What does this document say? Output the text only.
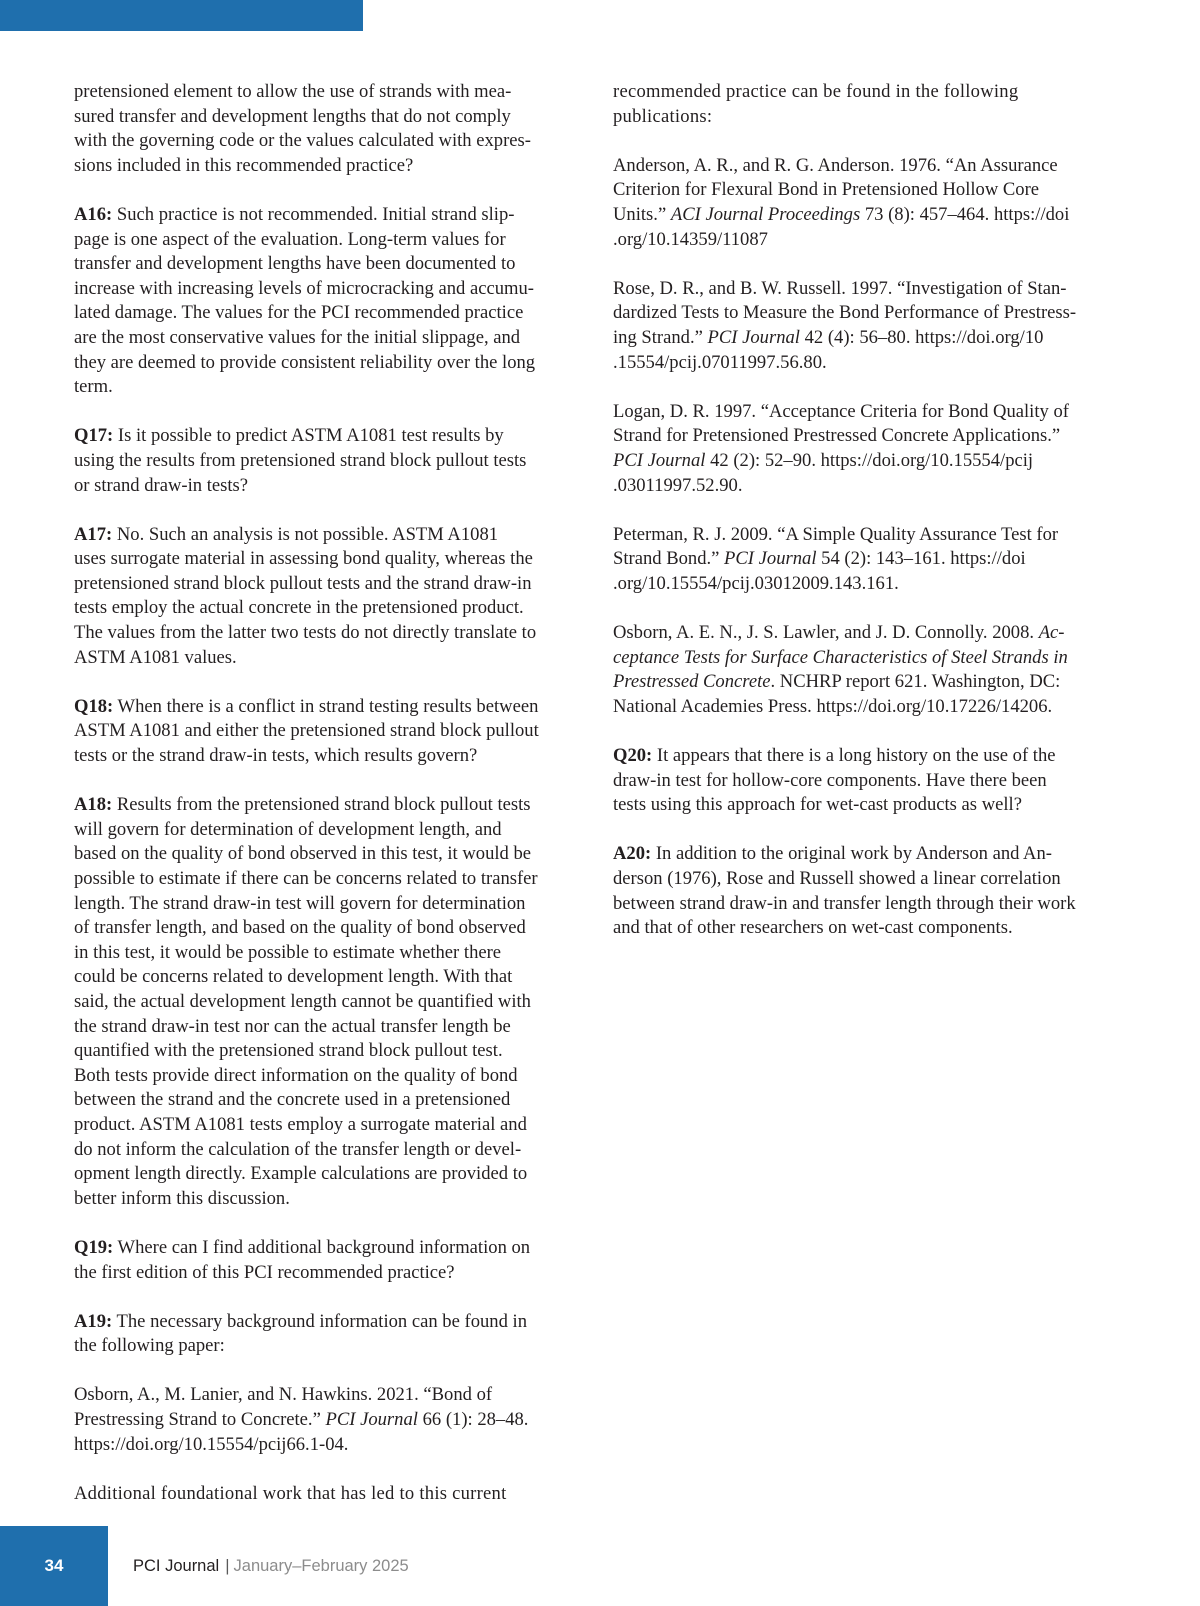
pretensioned element to allow the use of strands with mea-
sured transfer and development lengths that do not comply
with the governing code or the values calculated with expres-
sions included in this recommended practice?

A16: Such practice is not recommended. Initial strand slip-
page is one aspect of the evaluation. Long-term values for
transfer and development lengths have been documented to
increase with increasing levels of microcracking and accumu-
lated damage. The values for the PCI recommended practice
are the most conservative values for the initial slippage, and
they are deemed to provide consistent reliability over the long
term.

Q17: Is it possible to predict ASTM A1081 test results by
using the results from pretensioned strand block pullout tests
or strand draw-in tests?

A17: No. Such an analysis is not possible. ASTM A1081
uses surrogate material in assessing bond quality, whereas the
pretensioned strand block pullout tests and the strand draw-in
tests employ the actual concrete in the pretensioned product.
The values from the latter two tests do not directly translate to
ASTM A1081 values.

Q18: When there is a conflict in strand testing results between
ASTM A1081 and either the pretensioned strand block pullout
tests or the strand draw-in tests, which results govern?

A18: Results from the pretensioned strand block pullout tests
will govern for determination of development length, and
based on the quality of bond observed in this test, it would be
possible to estimate if there can be concerns related to transfer
length. The strand draw-in test will govern for determination
of transfer length, and based on the quality of bond observed
in this test, it would be possible to estimate whether there
could be concerns related to development length. With that
said, the actual development length cannot be quantified with
the strand draw-in test nor can the actual transfer length be
quantified with the pretensioned strand block pullout test.
Both tests provide direct information on the quality of bond
between the strand and the concrete used in a pretensioned
product. ASTM A1081 tests employ a surrogate material and
do not inform the calculation of the transfer length or devel-
opment length directly. Example calculations are provided to
better inform this discussion.

Q19: Where can I find additional background information on
the first edition of this PCI recommended practice?

A19: The necessary background information can be found in
the following paper:

Osborn, A., M. Lanier, and N. Hawkins. 2021. “Bond of
Prestressing Strand to Concrete.” PCI Journal 66 (1): 28–48.
https://doi.org/10.15554/pcij66.1-04.

Additional foundational work that has led to this current

recommended practice can be found in the following
publications:

Anderson, A. R., and R. G. Anderson. 1976. “An Assurance
Criterion for Flexural Bond in Pretensioned Hollow Core
Units.” ACI Journal Proceedings 73 (8): 457–464. https://doi
.org/10.14359/11087

Rose, D. R., and B. W. Russell. 1997. “Investigation of Stan-
dardized Tests to Measure the Bond Performance of Prestress-
ing Strand.” PCI Journal 42 (4): 56–80. https://doi.org/10
.15554/pcij.07011997.56.80.

Logan, D. R. 1997. “Acceptance Criteria for Bond Quality of
Strand for Pretensioned Prestressed Concrete Applications.”
PCI Journal 42 (2): 52–90. https://doi.org/10.15554/pcij
.03011997.52.90.

Peterman, R. J. 2009. “A Simple Quality Assurance Test for
Strand Bond.” PCI Journal 54 (2): 143–161. https://doi
.org/10.15554/pcij.03012009.143.161.

Osborn, A. E. N., J. S. Lawler, and J. D. Connolly. 2008. Ac-
ceptance Tests for Surface Characteristics of Steel Strands in
Prestressed Concrete. NCHRP report 621. Washington, DC:
National Academies Press. https://doi.org/10.17226/14206.

Q20: It appears that there is a long history on the use of the
draw-in test for hollow-core components. Have there been
tests using this approach for wet-cast products as well?

A20: In addition to the original work by Anderson and An-
derson (1976), Rose and Russell showed a linear correlation
between strand draw-in and transfer length through their work
and that of other researchers on wet-cast components.

34	PCI Journal | January–February 2025
